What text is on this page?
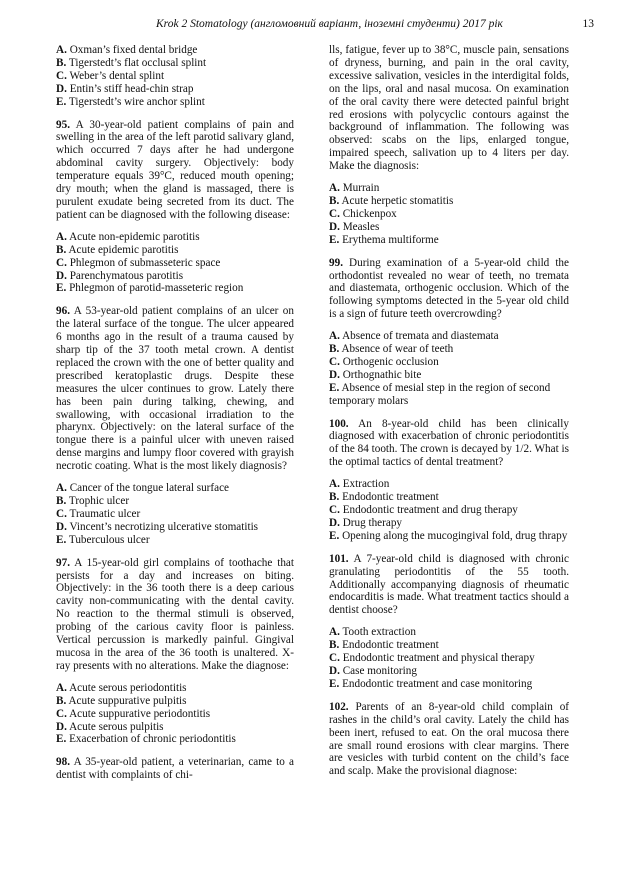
Krok 2 Stomatology (англомовний варіант, іноземні студенти) 2017 рік	13
A. Oxman’s fixed dental bridge
B. Tigerstedt’s flat occlusal splint
C. Weber’s dental splint
D. Entin’s stiff head-chin strap
E. Tigerstedt’s wire anchor splint

95. A 30-year-old patient complains of pain and swelling in the area of the left parotid salivary gland, which occurred 7 days after he had undergone abdominal cavity surgery. Objectively: body temperature equals 39°C, reduced mouth opening; dry mouth; when the gland is massaged, there is purulent exudate being secreted from its duct. The patient can be diagnosed with the following disease:

A. Acute non-epidemic parotitis
B. Acute epidemic parotitis
C. Phlegmon of submasseteric space
D. Parenchymatous parotitis
E. Phlegmon of parotid-masseteric region

96. A 53-year-old patient complains of an ulcer on the lateral surface of the tongue. The ulcer appeared 6 months ago in the result of a trauma caused by sharp tip of the 37 tooth metal crown. A dentist replaced the crown with the one of better quality and prescribed keratoplastic drugs. Despite these measures the ulcer continues to grow. Lately there has been pain during talking, chewing, and swallowing, with occasional irradiation to the pharynx. Objectively: on the lateral surface of the tongue there is a painful ulcer with uneven raised dense margins and lumpy floor covered with grayish necrotic coating. What is the most likely diagnosis?

A. Cancer of the tongue lateral surface
B. Trophic ulcer
C. Traumatic ulcer
D. Vincent’s necrotizing ulcerative stomatitis
E. Tuberculous ulcer

97. A 15-year-old girl complains of toothache that persists for a day and increases on biting. Objectively: in the 36 tooth there is a deep carious cavity non-communicating with the dental cavity. No reaction to the thermal stimuli is observed, probing of the carious cavity floor is painless. Vertical percussion is markedly painful. Gingival mucosa in the area of the 36 tooth is unaltered. X-ray presents with no alterations. Make the diagnose:

A. Acute serous periodontitis
B. Acute suppurative pulpitis
C. Acute suppurative periodontitis
D. Acute serous pulpitis
E. Exacerbation of chronic periodontitis

98. A 35-year-old patient, a veterinarian, came to a dentist with complaints of chi-

lls, fatigue, fever up to 38°C, muscle pain, sensations of dryness, burning, and pain in the oral cavity, excessive salivation, vesicles in the interdigital folds, on the lips, oral and nasal mucosa. On examination of the oral cavity there were detected painful bright red erosions with polycyclic contours against the background of inflammation. The following was observed: scabs on the lips, enlarged tongue, impaired speech, salivation up to 4 liters per day. Make the diagnosis:

A. Murrain
B. Acute herpetic stomatitis
C. Chickenpox
D. Measles
E. Erythema multiforme

99. During examination of a 5-year-old child the orthodontist revealed no wear of teeth, no tremata and diastemata, orthogenic occlusion. Which of the following symptoms detected in the 5-year old child is a sign of future teeth overcrowding?

A. Absence of tremata and diastemata
B. Absence of wear of teeth
C. Orthogenic occlusion
D. Orthognathic bite
E. Absence of mesial step in the region of second temporary molars

100. An 8-year-old child has been clinically diagnosed with exacerbation of chronic periodontitis of the 84 tooth. The crown is decayed by 1/2. What is the optimal tactics of dental treatment?

A. Extraction
B. Endodontic treatment
C. Endodontic treatment and drug therapy
D. Drug therapy
E. Opening along the mucogingival fold, drug thrapy

101. A 7-year-old child is diagnosed with chronic granulating periodontitis of the 55 tooth. Additionally accompanying diagnosis of rheumatic endocarditis is made. What treatment tactics should a dentist choose?

A. Tooth extraction
B. Endodontic treatment
C. Endodontic treatment and physical therapy
D. Case monitoring
E. Endodontic treatment and case monitoring

102. Parents of an 8-year-old child complain of rashes in the child’s oral cavity. Lately the child has been inert, refused to eat. On the oral mucosa there are small round erosions with clear margins. There are vesicles with turbid content on the child’s face and scalp. Make the provisional diagnose:
